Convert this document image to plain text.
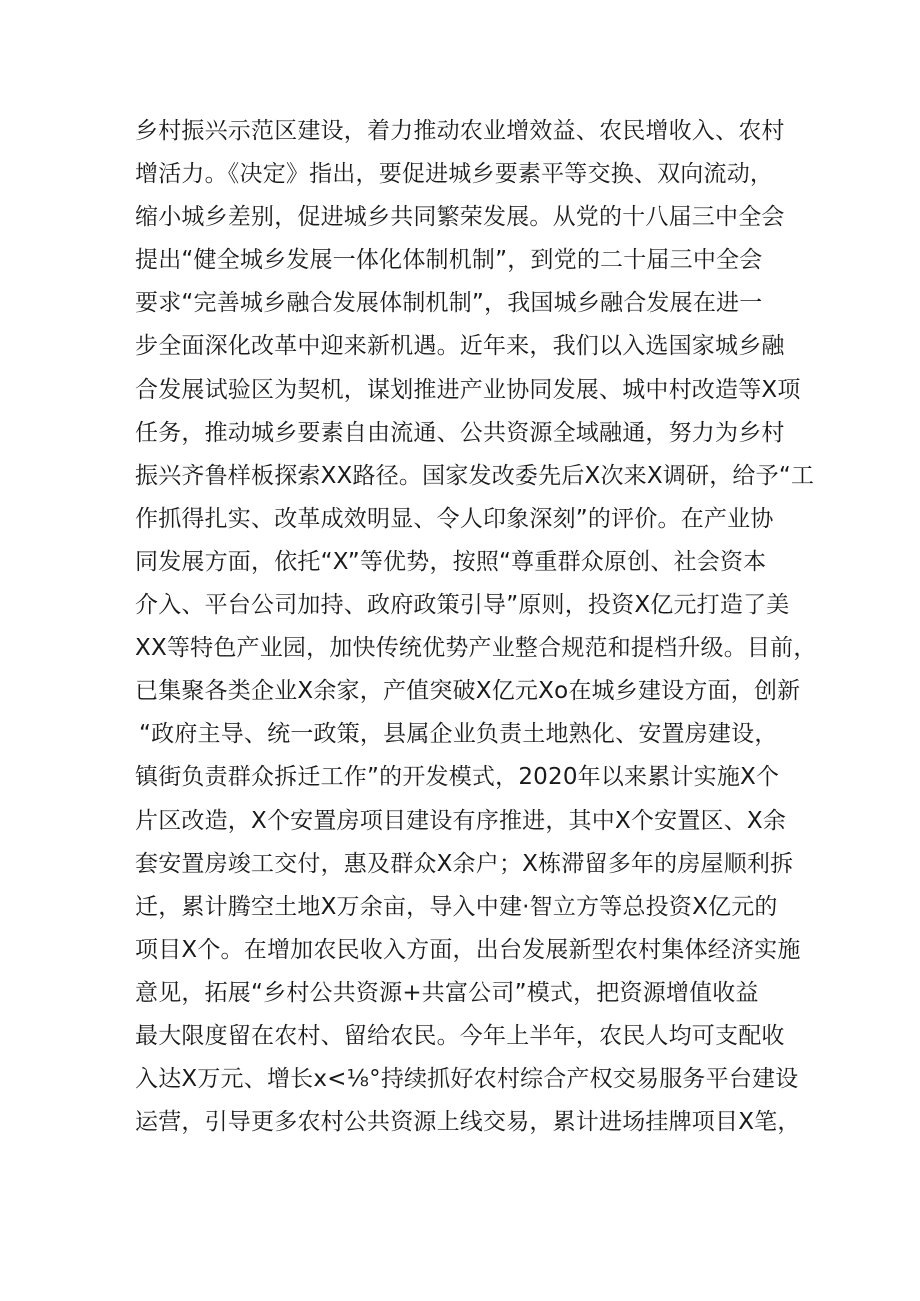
乡村振兴示范区建设，着力推动农业增效益、农民增收入、农村
增活力。《决定》指出，要促进城乡要素平等交换、双向流动，
缩小城乡差别，促进城乡共同繁荣发展。从党的十八届三中全会
提出“健全城乡发展一体化体制机制”，到党的二十届三中全会
要求“完善城乡融合发展体制机制”，我国城乡融合发展在进一
步全面深化改革中迎来新机遇。近年来，我们以入选国家城乡融
合发展试验区为契机，谋划推进产业协同发展、城中村改造等X项
任务，推动城乡要素自由流通、公共资源全域融通，努力为乡村
振兴齐鲁样板探索XX路径。国家发改委先后X次来X调研，给予“工
作抓得扎实、改革成效明显、令人印象深刻”的评价。在产业协
同发展方面，依托“X”等优势，按照“尊重群众原创、社会资本
介入、平台公司加持、政府政策引导”原则，投资X亿元打造了美
XX等特色产业园，加快传统优势产业整合规范和提档升级。目前，
已集聚各类企业X余家，产值突破X亿元Xo在城乡建设方面，创新
“政府主导、统一政策，县属企业负责土地熟化、安置房建设，
镇街负责群众拆迁工作”的开发模式，2020年以来累计实施X个
片区改造，X个安置房项目建设有序推进，其中X个安置区、X余
套安置房竣工交付，惠及群众X余户；X栋滞留多年的房屋顺利拆
迁，累计腾空土地X万余亩，导入中建·智立方等总投资X亿元的
项目X个。在增加农民收入方面，出台发展新型农村集体经济实施
意见，拓展“乡村公共资源+共富公司”模式，把资源增值收益
最大限度留在农村、留给农民。今年上半年，农民人均可支配收
入达X万元、增长x<⅛°持续抓好农村综合产权交易服务平台建设
运营，引导更多农村公共资源上线交易，累计进场挂牌项目X笔，
